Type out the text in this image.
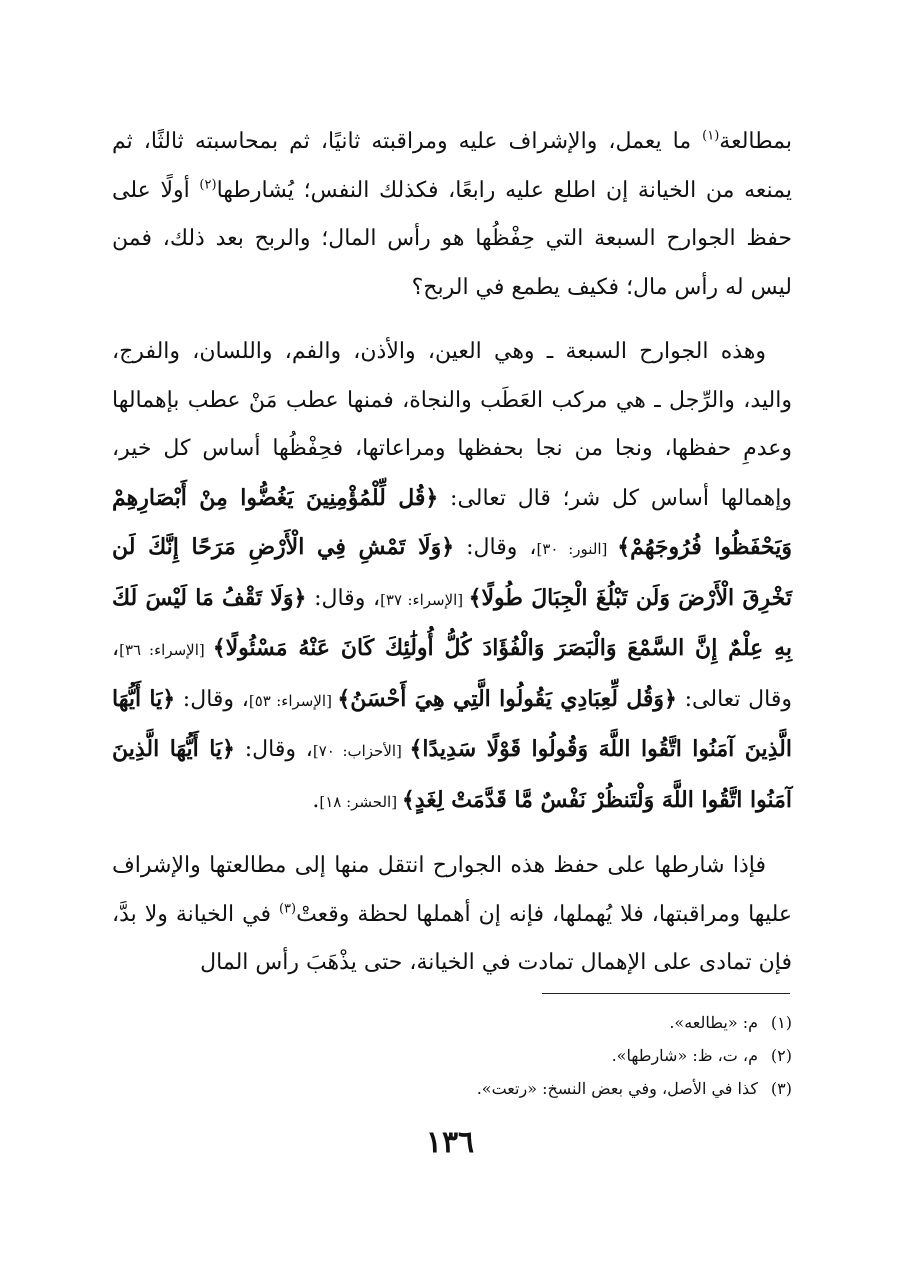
بمطالعة$^{(١)}$ ما يعمل، والإشراف عليه ومراقبته ثانيًا، ثم بمحاسبته ثالثًا، ثم يمنعه من الخيانة إن اطلع عليه رابعًا، فكذلك النفس؛ يُشارطها$^{(٢)}$ أولًا على حفظ الجوارح السبعة التي حِفْظُها هو رأس المال؛ والربح بعد ذلك، فمن ليس له رأس مال؛ فكيف يطمع في الربح؟

وهذه الجوارح السبعة ـ وهي العين، والأذن، والفم، واللسان، والفرج، واليد، والرِّجل ـ هي مركب العَطَب والنجاة، فمنها عطب مَنْ عطب بإهمالها وعدمِ حفظها، ونجا من نجا بحفظها ومراعاتها، فحِفْظُها أساس كل خير، وإهمالها أساس كل شر؛ قال تعالى: ﴿قُل لِّلْمُؤْمِنِينَ يَغُضُّوا مِنْ أَبْصَارِهِمْ وَيَحْفَظُوا فُرُوجَهُمْ﴾ [النور: ٣٠]، وقال: ﴿وَلَا تَمْشِ فِي الْأَرْضِ مَرَحًا إِنَّكَ لَن تَخْرِقَ الْأَرْضَ وَلَن تَبْلُغَ الْجِبَالَ طُولًا﴾ [الإسراء: ٣٧]، وقال: ﴿وَلَا تَقْفُ مَا لَيْسَ لَكَ بِهِ عِلْمٌ إِنَّ السَّمْعَ وَالْبَصَرَ وَالْفُؤَادَ كُلُّ أُولَٰئِكَ كَانَ عَنْهُ مَسْئُولًا﴾ [الإسراء: ٣٦]، وقال تعالى: ﴿وَقُل لِّعِبَادِي يَقُولُوا الَّتِي هِيَ أَحْسَنُ﴾ [الإسراء: ٥٣]، وقال: ﴿يَا أَيُّهَا الَّذِينَ آمَنُوا اتَّقُوا اللَّهَ وَقُولُوا قَوْلًا سَدِيدًا﴾ [الأحزاب: ٧٠]، وقال: ﴿يَا أَيُّهَا الَّذِينَ آمَنُوا اتَّقُوا اللَّهَ وَلْتَنظُرْ نَفْسٌ مَّا قَدَّمَتْ لِغَدٍ﴾ [الحشر: ١٨].

فإذا شارطها على حفظ هذه الجوارح انتقل منها إلى مطالعتها والإشراف عليها ومراقبتها، فلا يُهملها، فإنه إن أهملها لحظة وقعتْ$^{(٣)}$ في الخيانة ولا بدَّ، فإن تمادى على الإهمال تمادت في الخيانة، حتى يذْهَبَ رأس المال

(١)
م: «يطالعه».
(٢)
م، ت، ظ: «شارطها».
(٣)
كذا في الأصل، وفي بعض النسخ: «رتعت».
١٣٦
